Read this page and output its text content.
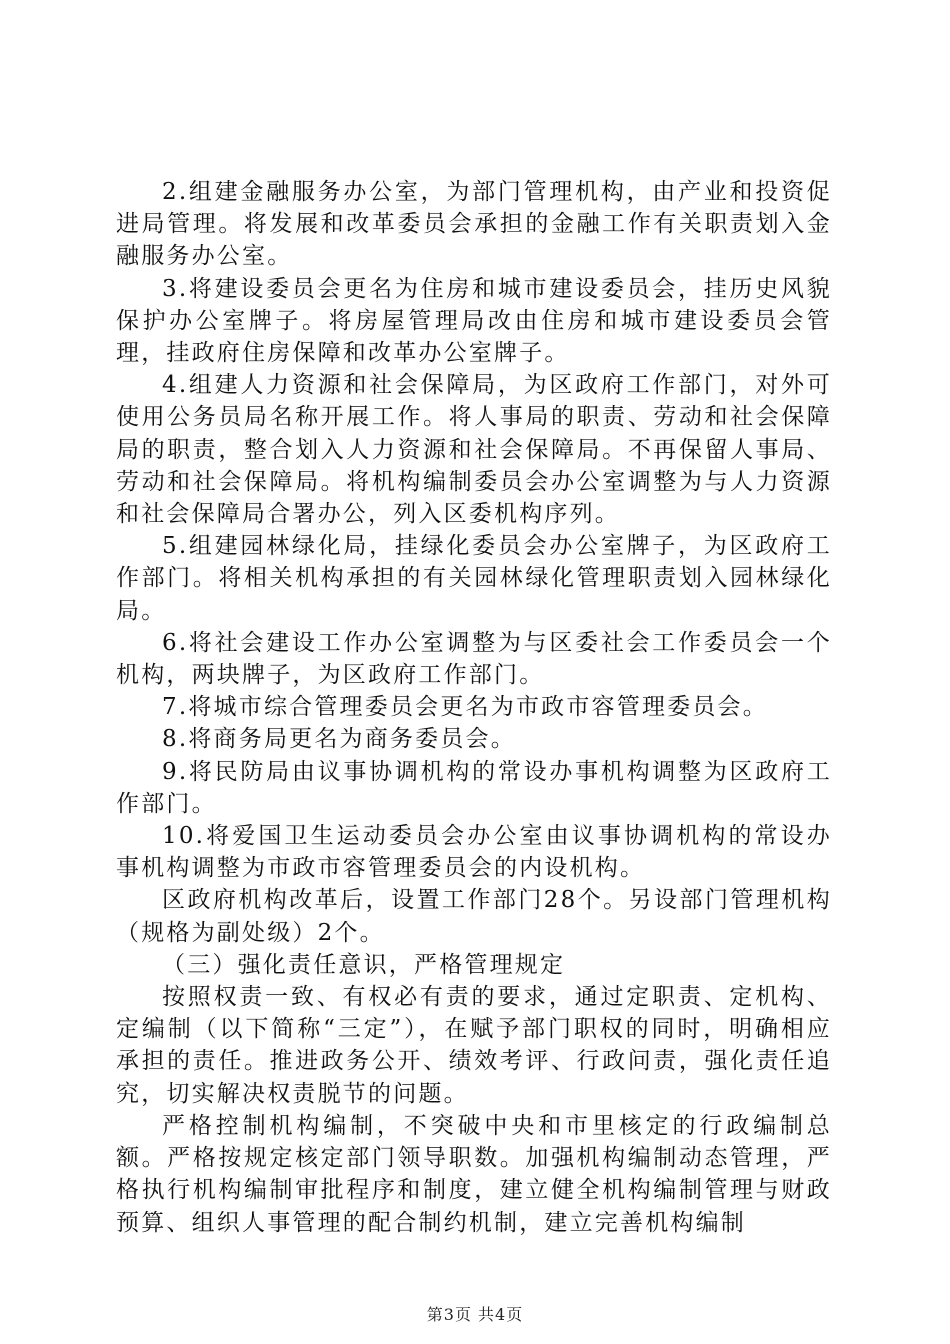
2.组建金融服务办公室，为部门管理机构，由产业和投资促进局管理。将发展和改革委员会承担的金融工作有关职责划入金融服务办公室。

3.将建设委员会更名为住房和城市建设委员会，挂历史风貌保护办公室牌子。将房屋管理局改由住房和城市建设委员会管理，挂政府住房保障和改革办公室牌子。

4.组建人力资源和社会保障局，为区政府工作部门，对外可使用公务员局名称开展工作。将人事局的职责、劳动和社会保障局的职责，整合划入人力资源和社会保障局。不再保留人事局、劳动和社会保障局。将机构编制委员会办公室调整为与人力资源和社会保障局合署办公，列入区委机构序列。

5.组建园林绿化局，挂绿化委员会办公室牌子，为区政府工作部门。将相关机构承担的有关园林绿化管理职责划入园林绿化局。

6.将社会建设工作办公室调整为与区委社会工作委员会一个机构，两块牌子，为区政府工作部门。

7.将城市综合管理委员会更名为市政市容管理委员会。

8.将商务局更名为商务委员会。

9.将民防局由议事协调机构的常设办事机构调整为区政府工作部门。

10.将爱国卫生运动委员会办公室由议事协调机构的常设办事机构调整为市政市容管理委员会的内设机构。

区政府机构改革后，设置工作部门28个。另设部门管理机构（规格为副处级）2个。

（三）强化责任意识，严格管理规定

按照权责一致、有权必有责的要求，通过定职责、定机构、定编制（以下简称“三定”），在赋予部门职权的同时，明确相应承担的责任。推进政务公开、绩效考评、行政问责，强化责任追究，切实解决权责脱节的问题。

严格控制机构编制，不突破中央和市里核定的行政编制总额。严格按规定核定部门领导职数。加强机构编制动态管理，严格执行机构编制审批程序和制度，建立健全机构编制管理与财政预算、组织人事管理的配合制约机制，建立完善机构编制

第3页 共4页
